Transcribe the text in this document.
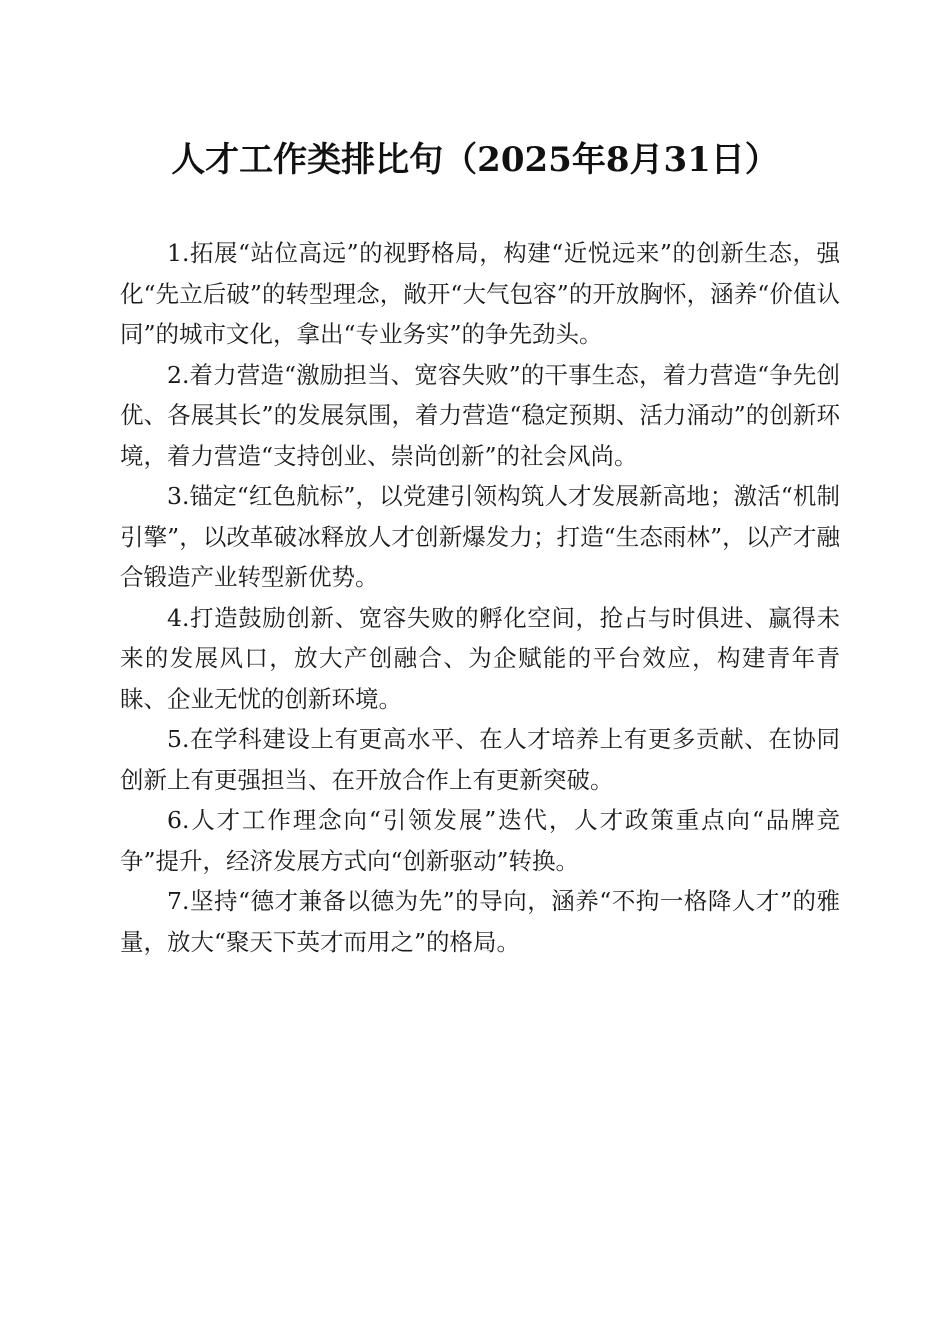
人才工作类排比句（2025年8月31日）

1.拓展“站位高远”的视野格局，构建“近悦远来”的创新生态，强化“先立后破”的转型理念，敞开“大气包容”的开放胸怀，涵养“价值认同”的城市文化，拿出“专业务实”的争先劲头。

2.着力营造“激励担当、宽容失败”的干事生态，着力营造“争先创优、各展其长”的发展氛围，着力营造“稳定预期、活力涌动”的创新环境，着力营造“支持创业、崇尚创新”的社会风尚。

3.锚定“红色航标”，以党建引领构筑人才发展新高地；激活“机制引擎”，以改革破冰释放人才创新爆发力；打造“生态雨林”，以产才融合锻造产业转型新优势。

4.打造鼓励创新、宽容失败的孵化空间，抢占与时俱进、赢得未来的发展风口，放大产创融合、为企赋能的平台效应，构建青年青睐、企业无忧的创新环境。

5.在学科建设上有更高水平、在人才培养上有更多贡献、在协同创新上有更强担当、在开放合作上有更新突破。

6.人才工作理念向“引领发展”迭代，人才政策重点向“品牌竞争”提升，经济发展方式向“创新驱动”转换。

7.坚持“德才兼备以德为先”的导向，涵养“不拘一格降人才”的雅量，放大“聚天下英才而用之”的格局。
